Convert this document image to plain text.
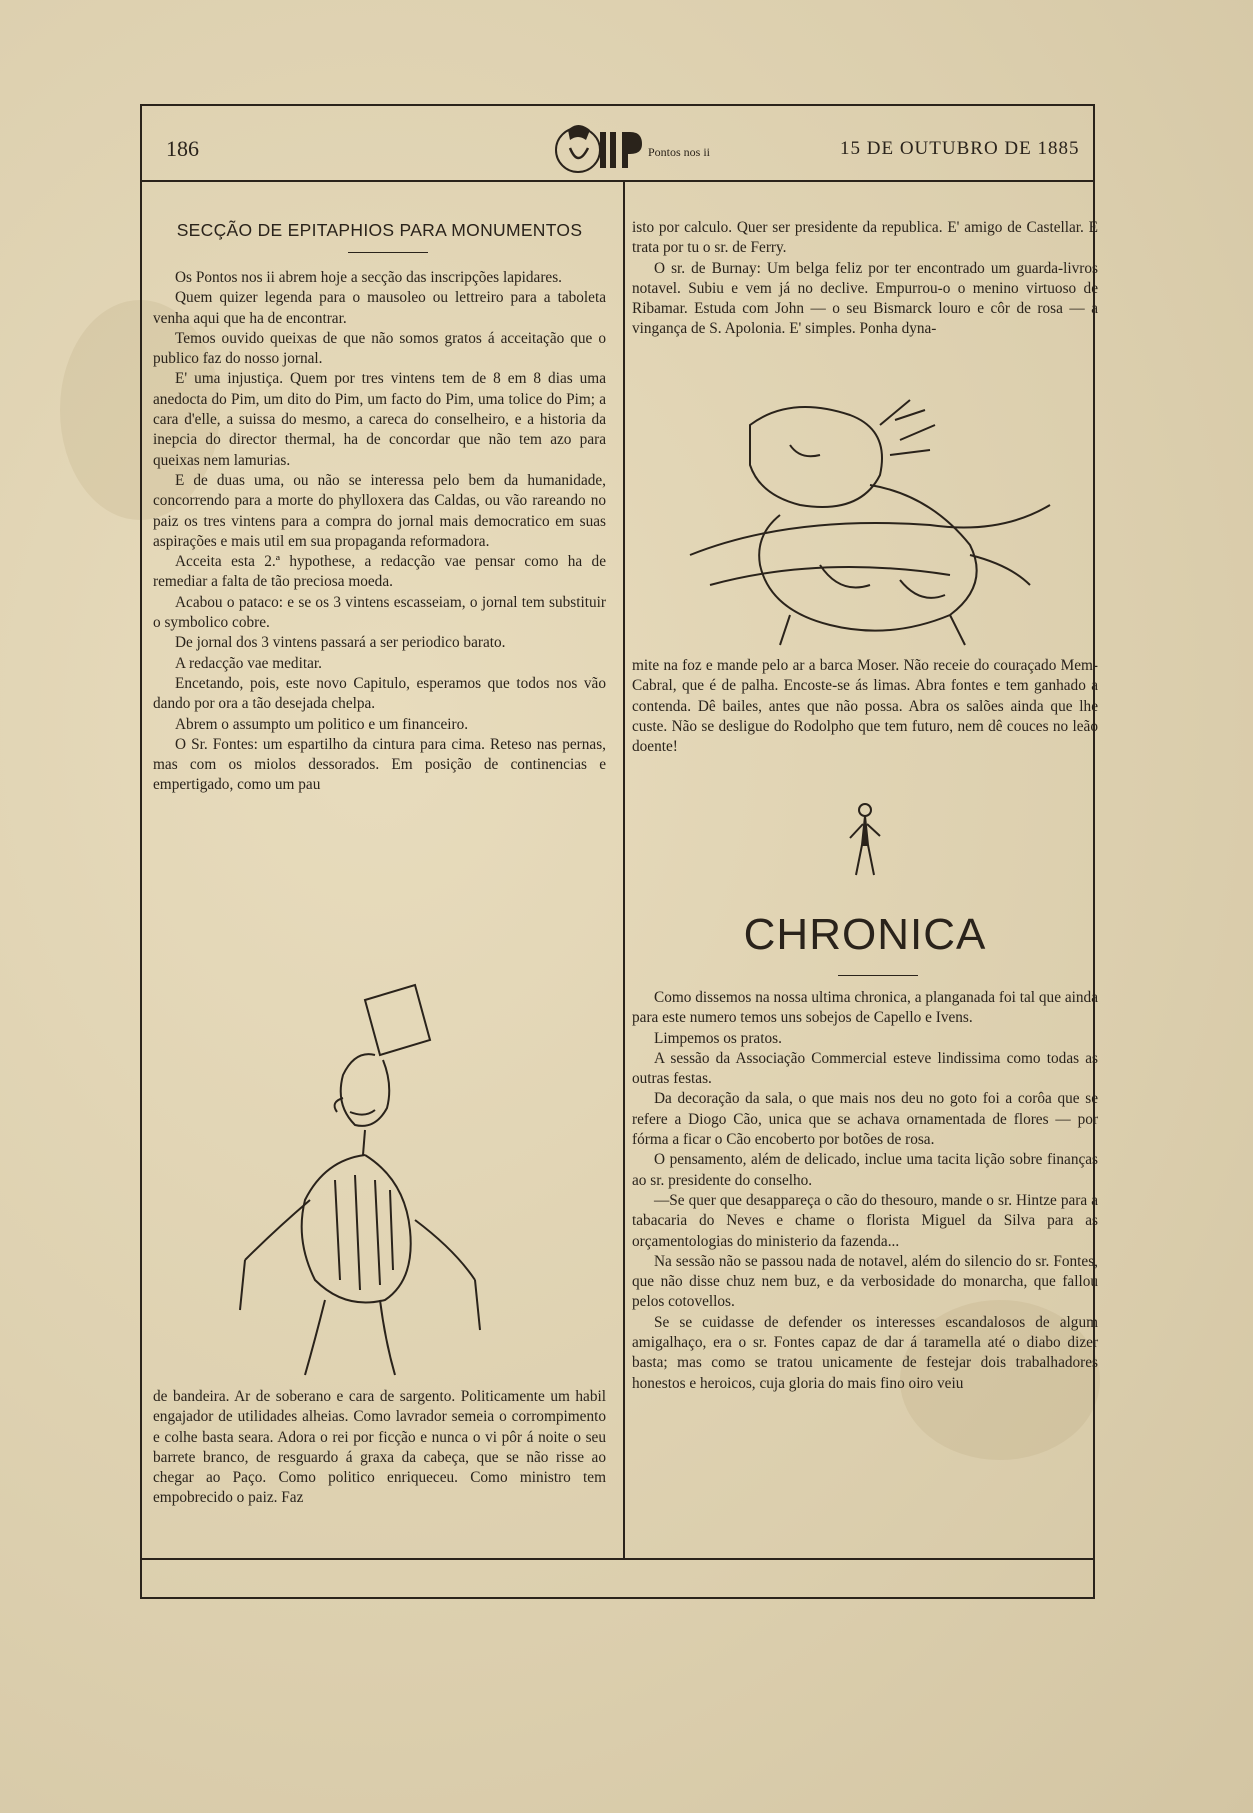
186	Pontos nos ii	15 DE OUTUBRO DE 1885
SECÇÃO DE EPITAPHIOS PARA MONUMENTOS

Os Pontos nos ii abrem hoje a secção das inscripções lapidares.

Quem quizer legenda para o mausoleo ou lettreiro para a taboleta venha aqui que ha de encontrar.

Temos ouvido queixas de que não somos gratos á acceitação que o publico faz do nosso jornal.

E' uma injustiça. Quem por tres vintens tem de 8 em 8 dias uma anedocta do Pim, um dito do Pim, um facto do Pim, uma tolice do Pim; a cara d'elle, a suissa do mesmo, a careca do conselheiro, e a historia da inepcia do director thermal, ha de concordar que não tem azo para queixas nem lamurias.

E de duas uma, ou não se interessa pelo bem da humanidade, concorrendo para a morte do phylloxera das Caldas, ou vão rareando no paiz os tres vintens para a compra do jornal mais democratico em suas aspirações e mais util em sua propaganda reformadora.

Acceita esta 2.ª hypothese, a redacção vae pensar como ha de remediar a falta de tão preciosa moeda.

Acabou o pataco: e se os 3 vintens escasseiam, o jornal tem substituir o symbolico cobre.

De jornal dos 3 vintens passará a ser periodico barato.

A redacção vae meditar.

Encetando, pois, este novo Capitulo, esperamos que todos nos vão dando por ora a tão desejada chelpa.

Abrem o assumpto um politico e um financeiro.

O Sr. Fontes: um espartilho da cintura para cima. Reteso nas pernas, mas com os miolos dessorados. Em posição de continencias e empertigado, como um pau

de bandeira. Ar de soberano e cara de sargento. Politicamente um habil engajador de utilidades alheias. Como lavrador semeia o corrompimento e colhe basta seara. Adora o rei por ficção e nunca o vi pôr á noite o seu barrete branco, de resguardo á graxa da cabeça, que se não risse ao chegar ao Paço. Como politico enriqueceu. Como ministro tem empobrecido o paiz. Faz

isto por calculo. Quer ser presidente da republica. E' amigo de Castellar. E trata por tu o sr. de Ferry.

O sr. de Burnay: Um belga feliz por ter encontrado um guarda-livros notavel. Subiu e vem já no declive. Empurrou-o o menino virtuoso de Ribamar. Estuda com John — o seu Bismarck louro e côr de rosa — a vingança de S. Apolonia. E' simples. Ponha dyna-

mite na foz e mande pelo ar a barca Moser. Não receie do couraçado Mem-Cabral, que é de palha. Encoste-se ás limas. Abra fontes e tem ganhado a contenda. Dê bailes, antes que não possa. Abra os salões ainda que lhe custe. Não se desligue do Rodolpho que tem futuro, nem dê couces no leão doente!

CHRONICA

Como dissemos na nossa ultima chronica, a planganada foi tal que ainda para este numero temos uns sobejos de Capello e Ivens.

Limpemos os pratos.

A sessão da Associação Commercial esteve lindissima como todas as outras festas.

Da decoração da sala, o que mais nos deu no goto foi a corôa que se refere a Diogo Cão, unica que se achava ornamentada de flores — por fórma a ficar o Cão encoberto por botões de rosa.

O pensamento, além de delicado, inclue uma tacita lição sobre finanças ao sr. presidente do conselho.

—Se quer que desappareça o cão do thesouro, mande o sr. Hintze para a tabacaria do Neves e chame o florista Miguel da Silva para as orçamentologias do ministerio da fazenda...

Na sessão não se passou nada de notavel, além do silencio do sr. Fontes, que não disse chuz nem buz, e da verbosidade do monarcha, que fallou pelos cotovellos.

Se se cuidasse de defender os interesses escandalosos de algum amigalhaço, era o sr. Fontes capaz de dar á taramella até o diabo dizer basta; mas como se tratou unicamente de festejar dois trabalhadores honestos e heroicos, cuja gloria do mais fino oiro veiu
